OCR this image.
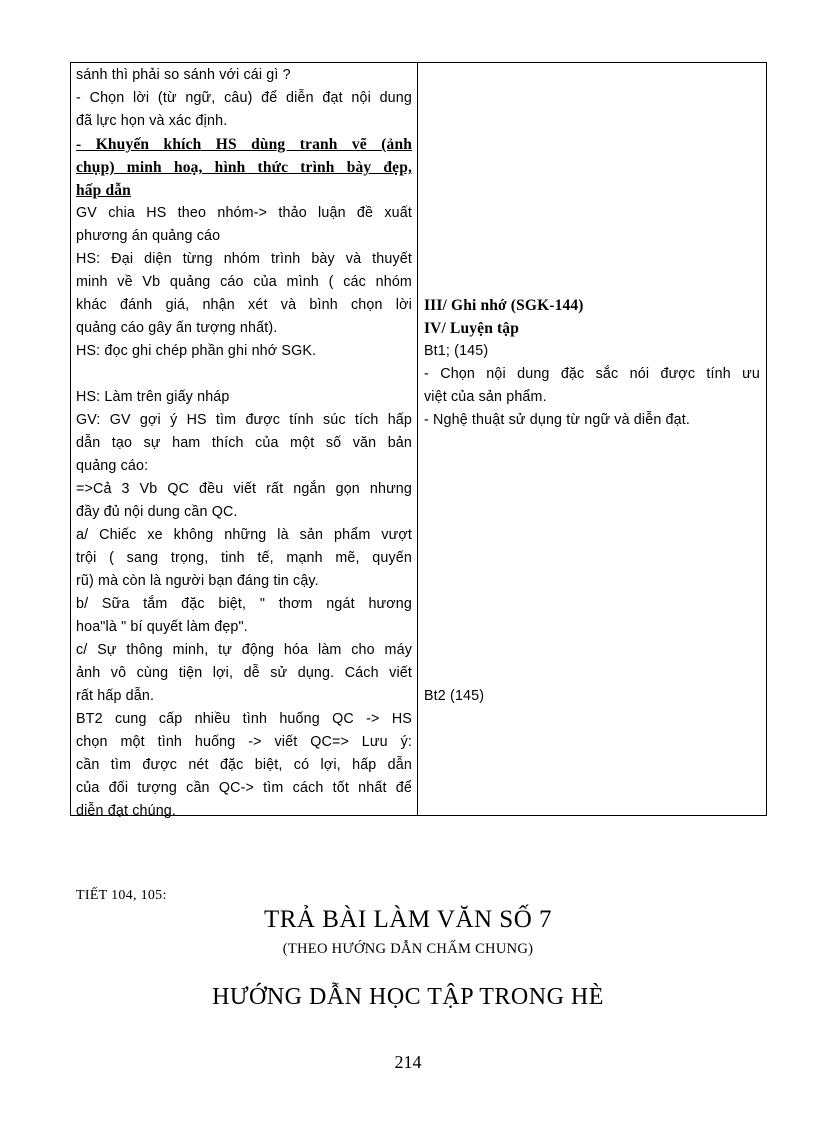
sánh thì phải so sánh với cái gì ?
- Chọn lời (từ ngữ, câu) để diễn đạt nội dung
đã lực họn và xác định.
- Khuyến khích HS dùng tranh vẽ (ảnh
chụp) minh hoạ, hình thức trình bày đẹp,
hấp dẫn
GV chia HS theo nhóm-> thảo luận đề xuất
phương án quảng cáo
HS: Đại diện từng nhóm trình bày và thuyết
minh về Vb quảng cáo của mình ( các nhóm
khác đánh giá, nhận xét và bình chọn lời
quảng cáo gây ấn tượng nhất).
HS: đọc ghi chép phần ghi nhớ SGK.
HS: Làm trên giấy nháp
GV: GV gợi ý HS tìm được tính súc tích hấp
dẫn tạo sự ham thích của một số văn bản
quảng cáo:
=>Cả 3 Vb QC đều viết rất ngắn gọn nhưng
đầy đủ nội dung cần QC.
a/ Chiếc xe không những là sản phẩm vượt
trội ( sang trọng, tinh tế, mạnh mẽ, quyến
rũ) mà còn là người bạn đáng tin cậy.
b/ Sữa tắm đặc biệt, " thơm ngát hương
hoa"là " bí quyết làm đẹp".
c/ Sự thông minh, tự động hóa làm cho máy
ảnh vô cùng tiện lợi, dễ sử dụng. Cách viết
rất hấp dẫn.
BT2 cung cấp nhiều tình huống QC -> HS
chọn một tình huống -> viết QC=> Lưu ý:
cần tìm được nét đặc biệt, có lợi, hấp dẫn
của đối tượng cần QC-> tìm cách tốt nhất để
diễn đạt chúng.
III/ Ghi nhớ (SGK-144)
IV/ Luyện tập
Bt1; (145)
- Chọn nội dung đặc sắc nói được tính ưu
việt của sản phẩm.
- Nghệ thuật sử dụng từ ngữ và diễn đạt.
Bt2 (145)
TIẾT 104, 105:
TRẢ BÀI LÀM VĂN SỐ 7
(THEO HƯỚNG DẪN CHẤM CHUNG)
HƯỚNG DẪN HỌC TẬP TRONG HÈ
214
